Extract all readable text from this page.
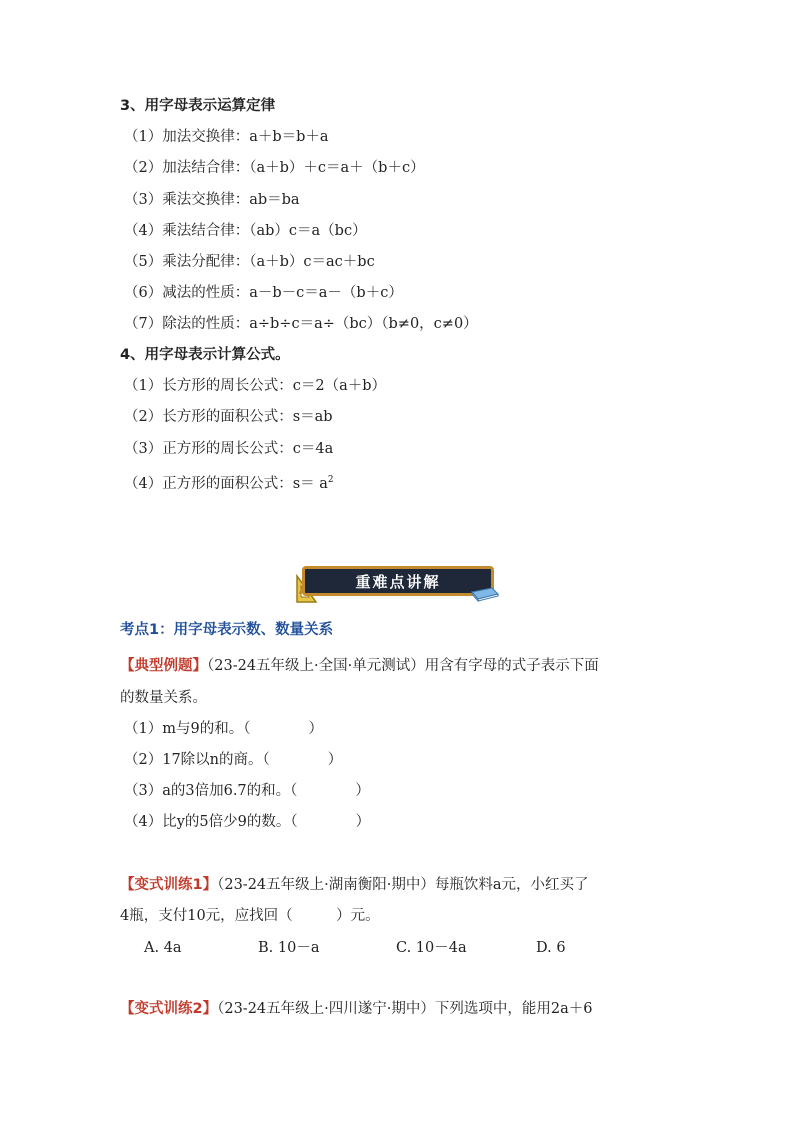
3、用字母表示运算定律
（1）加法交换律：a＋b＝b＋a
（2）加法结合律：（a＋b）＋c＝a＋（b＋c）
（3）乘法交换律：ab＝ba
（4）乘法结合律：（ab）c＝a（bc）
（5）乘法分配律：（a＋b）c＝ac＋bc
（6）减法的性质：a－b－c＝a－（b＋c）
（7）除法的性质：a÷b÷c＝a÷（bc）（b≠0，c≠0）
4、用字母表示计算公式。
（1）长方形的周长公式：c＝2（a＋b）
（2）长方形的面积公式：s＝ab
（3）正方形的周长公式：c＝4a
（4）正方形的面积公式：$s= a^2$
重难点讲解
考点1：用字母表示数、数量关系
【典型例题】（23-24五年级上·全国·单元测试）用含有字母的式子表示下面
的数量关系。
（1）m与9的和。（　　　　）
（2）17除以n的商。（　　　　）
（3）a的3倍加6.7的和。（　　　　）
（4）比y的5倍少9的数。（　　　　）
【变式训练1】（23-24五年级上·湖南衡阳·期中）每瓶饮料a元，小红买了
4瓶，支付10元，应找回（　　　）元。
A. 4a	B. 10－a	C. 10－4a	D. 6
【变式训练2】（23-24五年级上·四川遂宁·期中）下列选项中，能用2a＋6
